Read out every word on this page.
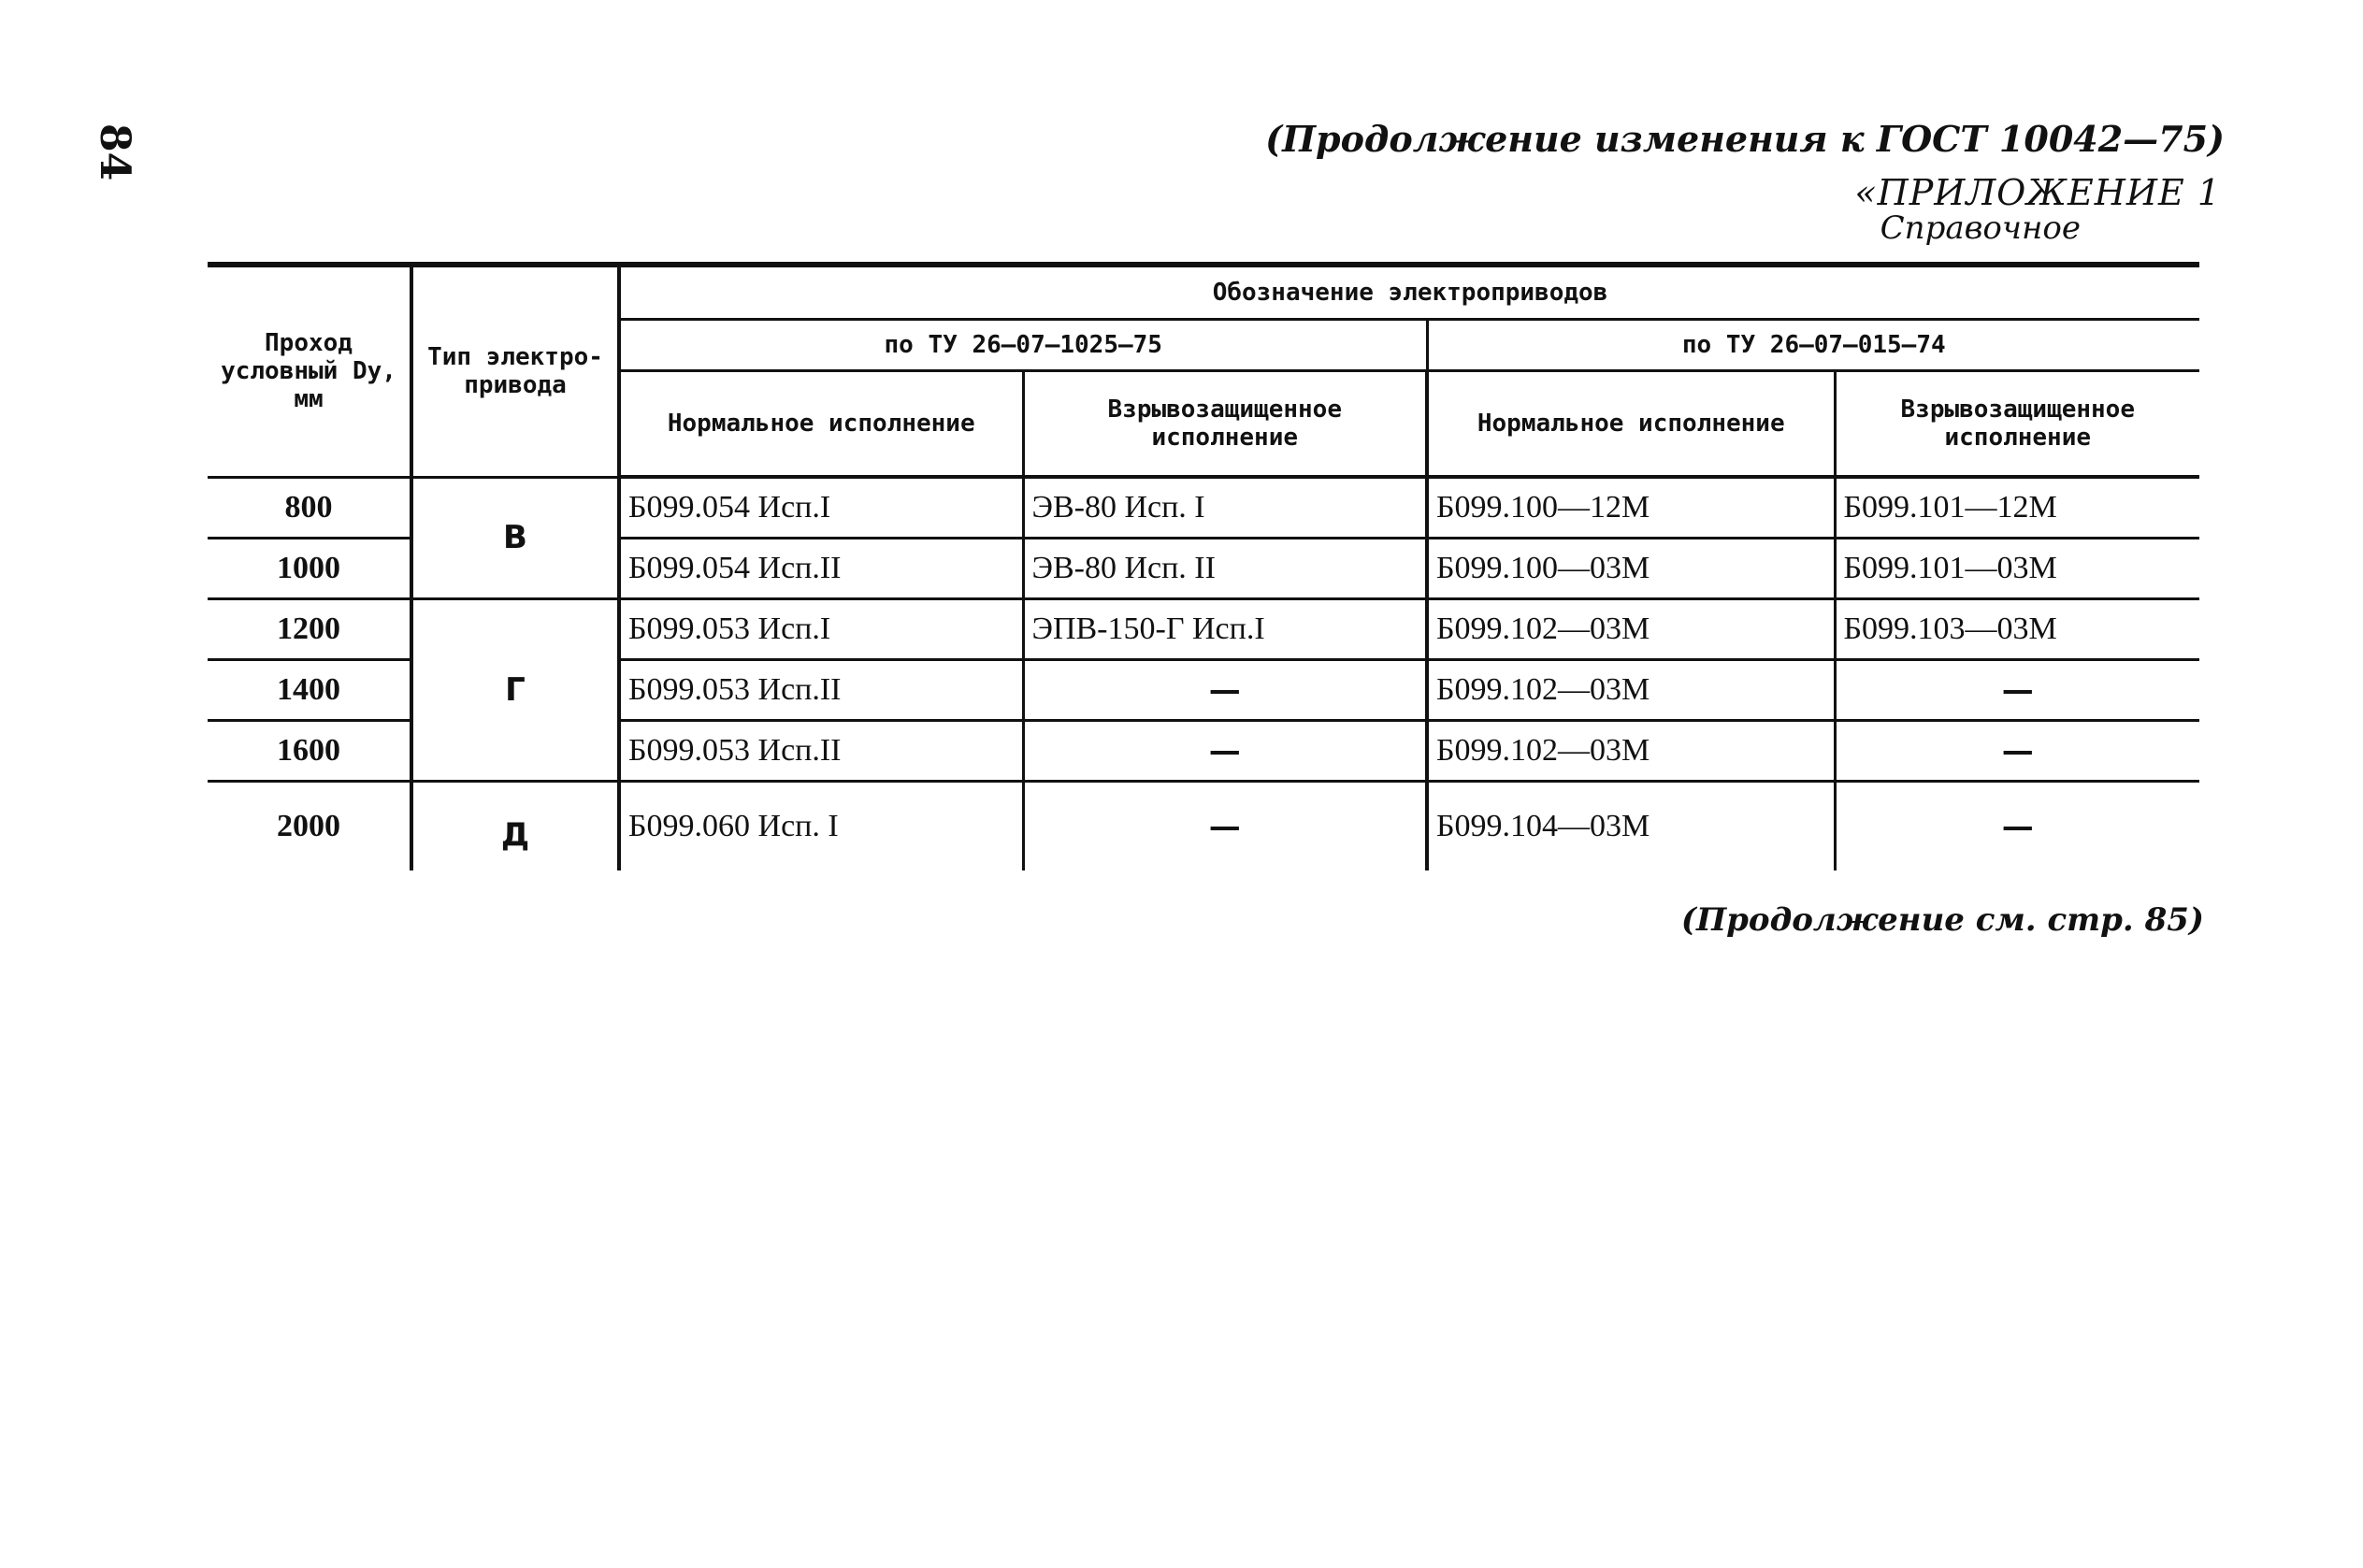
84	(Продолжение изменения к ГОСТ 10042—75)
«ПРИЛОЖЕНИЕ 1
Справочное
Проход условный Dy, мм	Тип электро-привода	Обозначение электроприводов			
		по ТУ 26—07—1025—75		по ТУ 26—07—015—74	
		Нормальное исполнение	Взрывозащищенное исполнение	Нормальное исполнение	Взрывозащищенное исполнение
800	В	Б099.054 Исп.I	ЭВ-80 Исп. I	Б099.100—12М	Б099.101—12М
1000		Б099.054 Исп.II	ЭВ-80 Исп. II	Б099.100—03М	Б099.101—03М
1200	Г	Б099.053 Исп.I	ЭПВ-150-Г Исп.I	Б099.102—03М	Б099.103—03М
1400		Б099.053 Исп.II	—	Б099.102—03М	—
1600		Б099.053 Исп.II	—	Б099.102—03М	—
2000	Д	Б099.060 Исп. I	—	Б099.104—03М	—
(Продолжение см. стр. 85)
